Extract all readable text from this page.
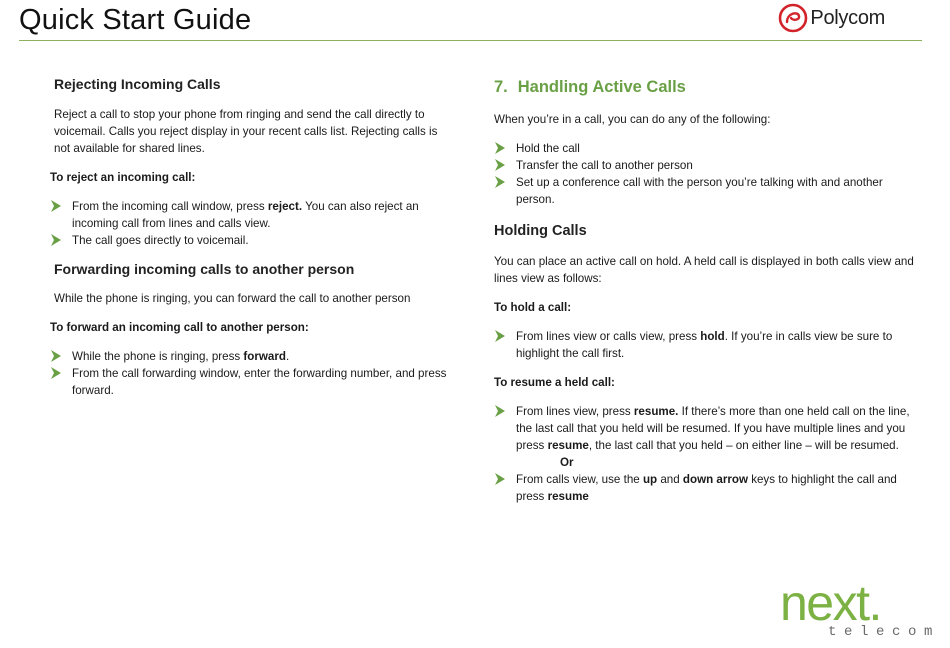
Quick Start Guide	Polycom
Rejecting Incoming Calls

Reject a call to stop your phone from ringing and send the call directly to voicemail. Calls you reject display in your recent calls list. Rejecting calls is not available for shared lines.

To reject an incoming call:

From the incoming call window, press reject. You can also reject an incoming call from lines and calls view.
The call goes directly to voicemail.
Forwarding incoming calls to another person

While the phone is ringing, you can forward the call to another person

To forward an incoming call to another person:

While the phone is ringing, press forward.
From the call forwarding window, enter the forwarding number, and press forward.
7. Handling Active Calls

When you’re in a call, you can do any of the following:

Hold the call
Transfer the call to another person
Set up a conference call with the person you’re talking with and another person.
Holding Calls

You can place an active call on hold. A held call is displayed in both calls view and lines view as follows:

To hold a call:

From lines view or calls view, press hold. If you’re in calls view be sure to highlight the call first.

To resume a held call:

From lines view, press resume. If there’s more than one held call on the line, the last call that you held will be resumed. If you have multiple lines and you press resume, the last call that you held – on either line – will be resumed.
Or
From calls view, use the up and down arrow keys to highlight the call and press resume
next.
telecom
